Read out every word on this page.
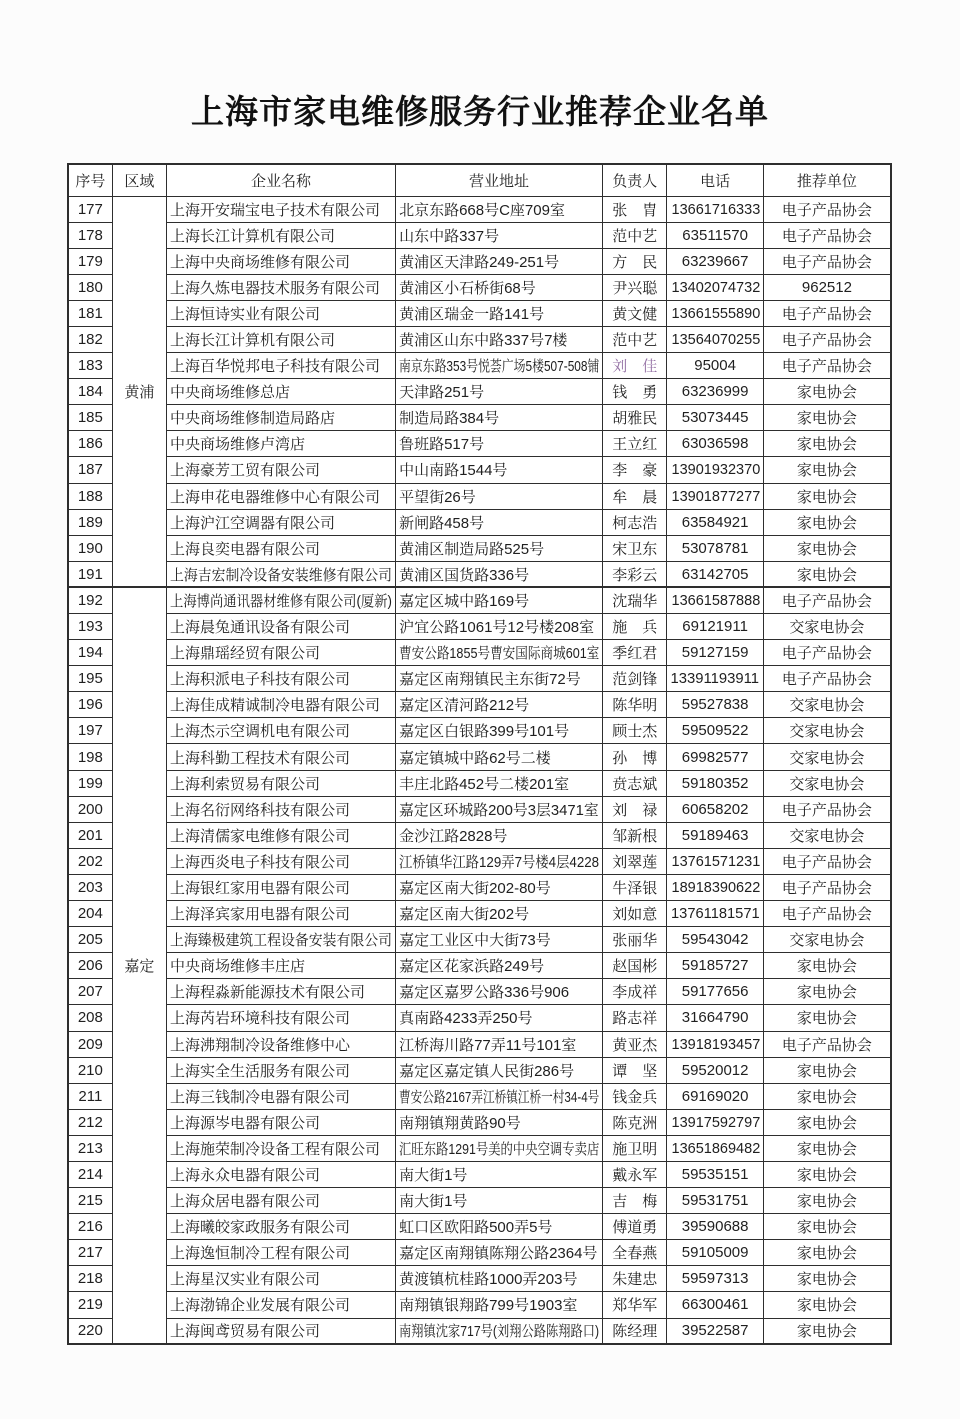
上海市家电维修服务行业推荐企业名单
序号	区域	企业名称	营业地址	负责人	电话	推荐单位
177	黄浦	上海开安瑞宝电子技术有限公司	北京东路668号C座709室	张　胄	13661716333	电子产品协会
178		上海长江计算机有限公司	山东中路337号	范中艺	63511570	电子产品协会
179		上海中央商场维修有限公司	黄浦区天津路249-251号	方　民	63239667	电子产品协会
180		上海久炼电器技术服务有限公司	黄浦区小石桥街68号	尹兴聪	13402074732	962512
181		上海恒诗实业有限公司	黄浦区瑞金一路141号	黄文健	13661555890	电子产品协会
182		上海长江计算机有限公司	黄浦区山东中路337号7楼	范中艺	13564070255	电子产品协会
183		上海百华悦邦电子科技有限公司	南京东路353号悦荟广场5楼507-508铺	刘　佳	95004	电子产品协会
184		中央商场维修总店	天津路251号	钱　勇	63236999	家电协会
185		中央商场维修制造局路店	制造局路384号	胡雅民	53073445	家电协会
186		中央商场维修卢湾店	鲁班路517号	王立红	63036598	家电协会
187		上海豪芳工贸有限公司	中山南路1544号	李　豪	13901932370	家电协会
188		上海申花电器维修中心有限公司	平望街26号	牟　晨	13901877277	家电协会
189		上海沪江空调器有限公司	新闸路458号	柯志浩	63584921	家电协会
190		上海良奕电器有限公司	黄浦区制造局路525号	宋卫东	53078781	家电协会
191		上海吉宏制冷设备安装维修有限公司	黄浦区国货路336号	李彩云	63142705	家电协会
192	嘉定	上海博尚通讯器材维修有限公司(厦新)	嘉定区城中路169号	沈瑞华	13661587888	电子产品协会
193		上海晨兔通讯设备有限公司	沪宜公路1061号12号楼208室	施　兵	69121911	交家电协会
194		上海鼎瑶经贸有限公司	曹安公路1855号曹安国际商城601室	季红君	59127159	电子产品协会
195		上海积派电子科技有限公司	嘉定区南翔镇民主东街72号	范剑锋	13391193911	电子产品协会
196		上海佳成精诚制冷电器有限公司	嘉定区清河路212号	陈华明	59527838	交家电协会
197		上海杰示空调机电有限公司	嘉定区白银路399号101号	顾士杰	59509522	交家电协会
198		上海科勤工程技术有限公司	嘉定镇城中路62号二楼	孙　博	69982577	交家电协会
199		上海利索贸易有限公司	丰庄北路452号二楼201室	贲志斌	59180352	交家电协会
200		上海名衍网络科技有限公司	嘉定区环城路200号3层3471室	刘　禄	60658202	电子产品协会
201		上海清儒家电维修有限公司	金沙江路2828号	邹新根	59189463	交家电协会
202		上海西炎电子科技有限公司	江桥镇华江路129弄7号楼4层4228	刘翠莲	13761571231	电子产品协会
203		上海银红家用电器有限公司	嘉定区南大街202-80号	牛泽银	18918390622	电子产品协会
204		上海泽宾家用电器有限公司	嘉定区南大街202号	刘如意	13761181571	电子产品协会
205		上海臻极建筑工程设备安装有限公司	嘉定工业区中大街73号	张丽华	59543042	交家电协会
206		中央商场维修丰庄店	嘉定区花家浜路249号	赵国彬	59185727	家电协会
207		上海程淼新能源技术有限公司	嘉定区嘉罗公路336号906	李成祥	59177656	家电协会
208		上海芮岩环境科技有限公司	真南路4233弄250号	路志祥	31664790	家电协会
209		上海沸翔制冷设备维修中心	江桥海川路77弄11号101室	黄亚杰	13918193457	电子产品协会
210		上海实全生活服务有限公司	嘉定区嘉定镇人民街286号	谭　坚	59520012	家电协会
211		上海三钱制冷电器有限公司	曹安公路2167弄江桥镇江桥一村34-4号	钱金兵	69169020	家电协会
212		上海源岑电器有限公司	南翔镇翔黄路90号	陈克洲	13917592797	家电协会
213		上海施荣制冷设备工程有限公司	汇旺东路1291号美的中央空调专卖店	施卫明	13651869482	家电协会
214		上海永众电器有限公司	南大街1号	戴永军	59535151	家电协会
215		上海众居电器有限公司	南大街1号	吉　梅	59531751	家电协会
216		上海曦皎家政服务有限公司	虹口区欧阳路500弄5号	傅道勇	39590688	家电协会
217		上海逸恒制冷工程有限公司	嘉定区南翔镇陈翔公路2364号	全春燕	59105009	家电协会
218		上海星汉实业有限公司	黄渡镇杭桂路1000弄203号	朱建忠	59597313	家电协会
219		上海渤锦企业发展有限公司	南翔镇银翔路799号1903室	郑华军	66300461	家电协会
220		上海闽鸢贸易有限公司	南翔镇沈家717号(刘翔公路陈翔路口)	陈经理	39522587	家电协会
